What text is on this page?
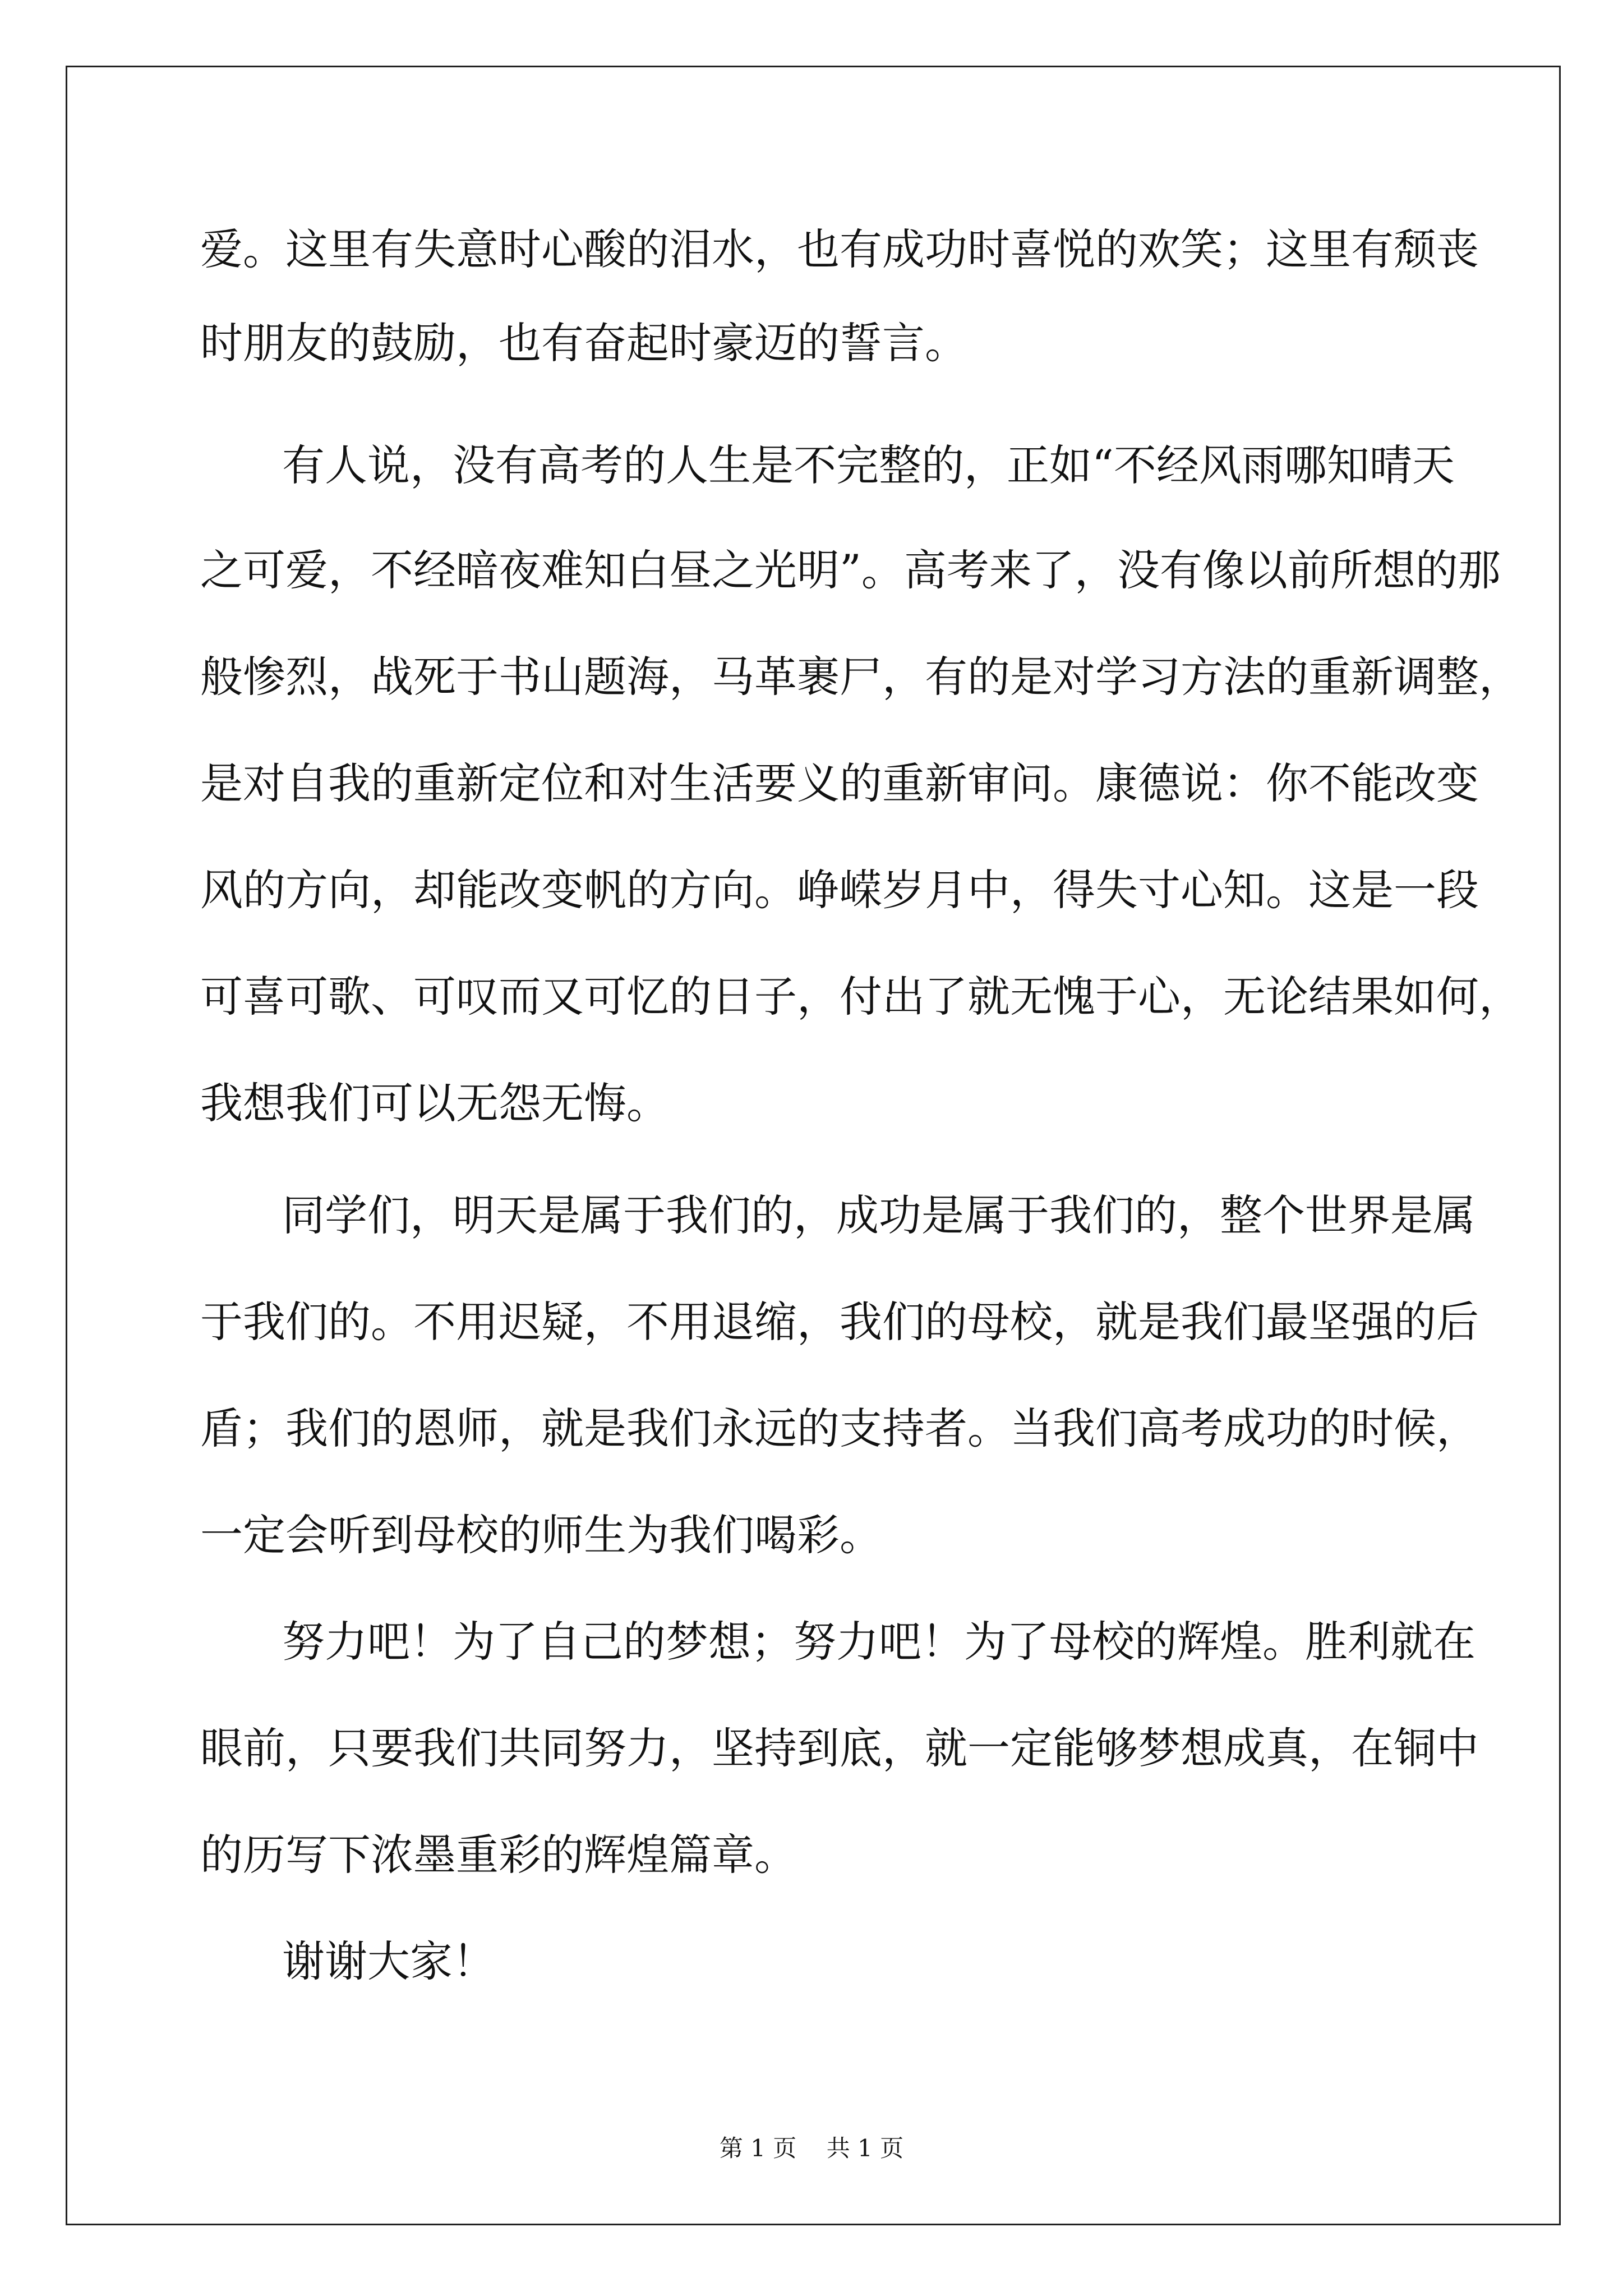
爱。这里有失意时心酸的泪水，也有成功时喜悦的欢笑；这里有颓丧

时朋友的鼓励，也有奋起时豪迈的誓言。

有人说，没有高考的人生是不完整的，正如“不经风雨哪知晴天

之可爱，不经暗夜难知白昼之光明”。高考来了，没有像以前所想的那

般惨烈，战死于书山题海，马革裹尸，有的是对学习方法的重新调整，

是对自我的重新定位和对生活要义的重新审问。康德说：你不能改变

风的方向，却能改变帆的方向。峥嵘岁月中，得失寸心知。这是一段

可喜可歌、可叹而又可忆的日子，付出了就无愧于心，无论结果如何，

我想我们可以无怨无悔。

同学们，明天是属于我们的，成功是属于我们的，整个世界是属

于我们的。不用迟疑，不用退缩，我们的母校，就是我们最坚强的后

盾；我们的恩师，就是我们永远的支持者。当我们高考成功的时候，

一定会听到母校的师生为我们喝彩。

努力吧！为了自己的梦想；努力吧！为了母校的辉煌。胜利就在

眼前，只要我们共同努力，坚持到底，就一定能够梦想成真，在铜中

的历写下浓墨重彩的辉煌篇章。

谢谢大家！

第 1 页    共 1 页
